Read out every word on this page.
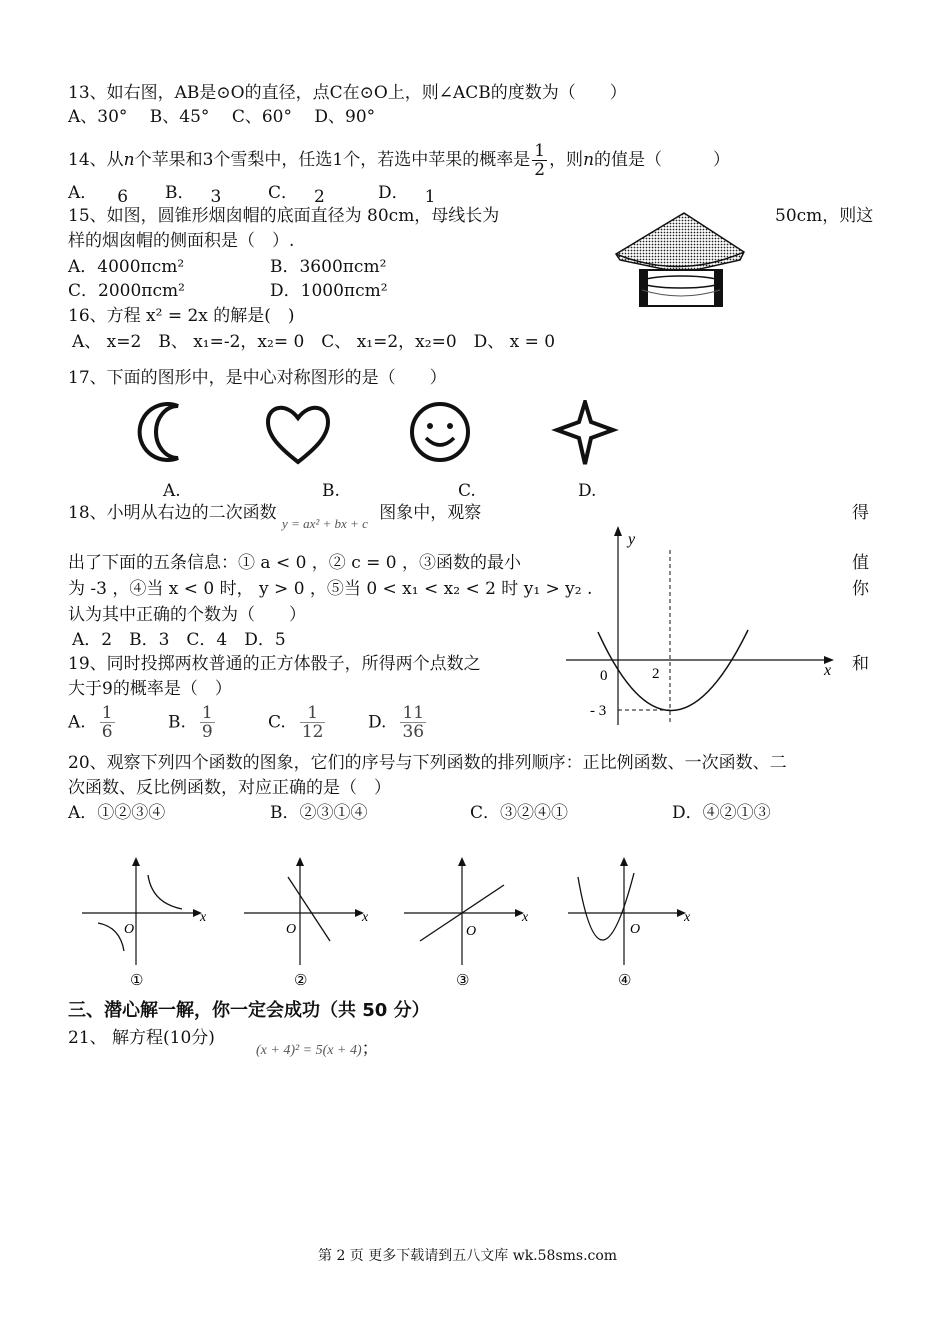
13、如右图，AB是⊙O的直径，点C在⊙O上，则∠ACB的度数为（　　）
A、30°　 B、45°　 C、60°　 D、90°
14、从n个苹果和3个雪梨中，任选1个，若选中苹果的概率是 $\frac{1}{2}$ ，则n的值是（　　　）
A． 6 B． 3	C． 2	D． 1
15、如图，圆锥形烟囱帽的底面直径为 80cm，母线长为	50cm，则这
样的烟囱帽的侧面积是（　）.
A．4000πcm²	B．3600πcm²
C．2000πcm²	D．1000πcm²
16、方程 x² = 2x 的解是(　)
A、 x=2　B、 x₁=-2，x₂= 0　C、 x₁=2，x₂=0　D、 x = 0
17、下面的图形中，是中心对称图形的是（　　）
A.	B.	C.	D.
18、小明从右边的二次函数 $_{y = ax^2 + bx + c}$ 图象中，观察	得
出了下面的五条信息：① a < 0 ，② c = 0 ，③函数的最小	值
为 -3 ，④当 x < 0 时， y > 0 ，⑤当 0 < x₁ < x₂ < 2 时 y₁ > y₂ .	你
认为其中正确的个数为（　　）
A．2　B．3　C．4　D．5
y
x
0	2
- 3
19、同时投掷两枚普通的正方体骰子，所得两个点数之	和
大于9的概率是（　）
A. $\frac{1}{6}$	B. $\frac{1}{9}$	C. $\frac{1}{12}$	D. $\frac{11}{36}$
20、观察下列四个函数的图象，它们的序号与下列函数的排列顺序：正比例函数、一次函数、二
次函数、反比例函数，对应正确的是（　）
A．①②③④	B．②③①④	C．③②④①	D．④②①③
x
O
①
x
O
②
x
O
③
x
O
④
三、潜心解一解，你一定会成功（共 50 分）
21、 解方程(10分)
(x + 4)² = 5(x + 4)；
第 2 页 更多下载请到五八文库 wk.58sms.com
